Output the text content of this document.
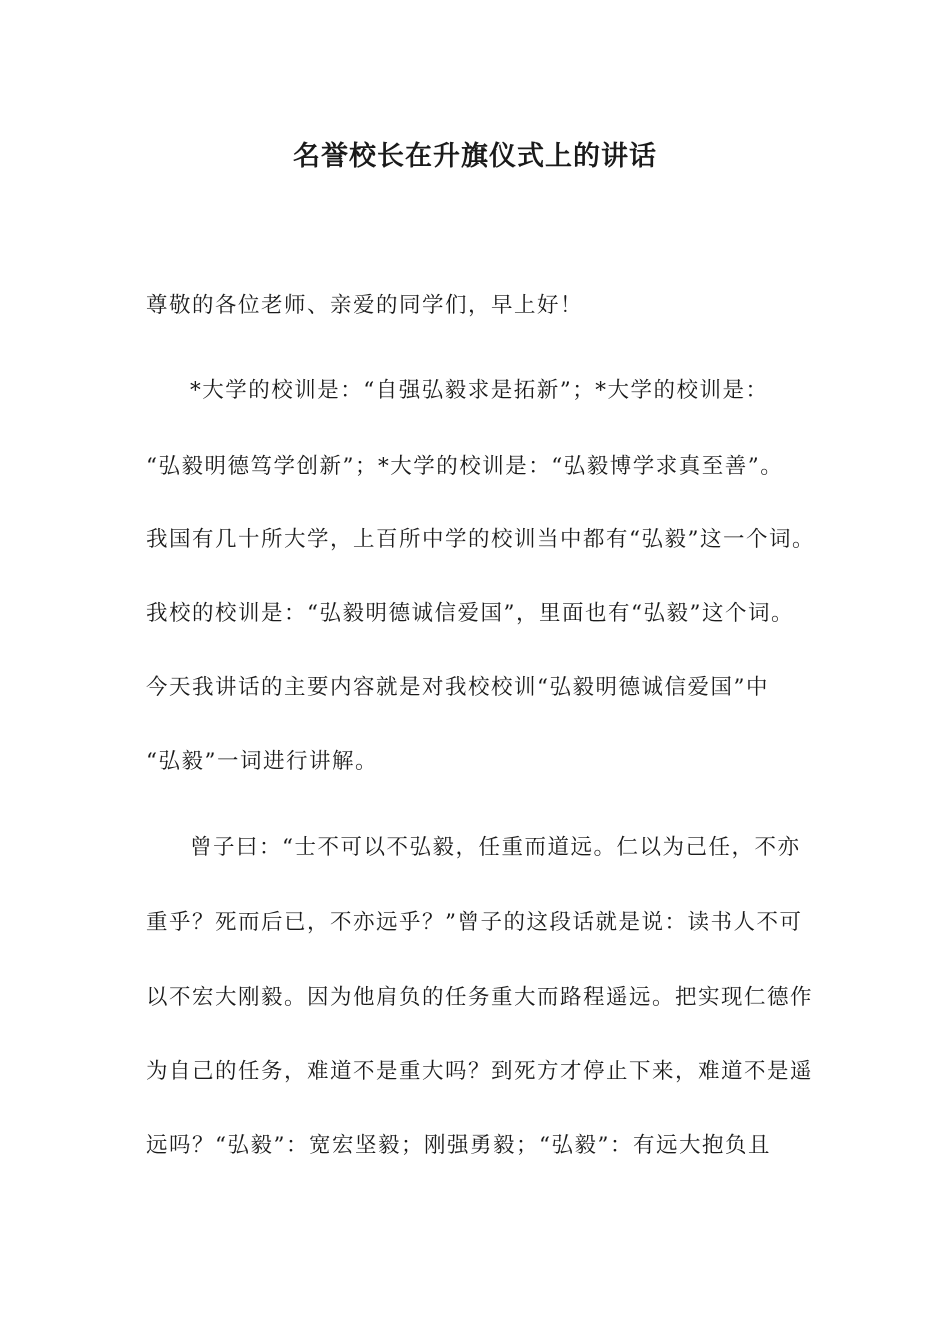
名誉校长在升旗仪式上的讲话
尊敬的各位老师、亲爱的同学们，早上好！
*大学的校训是：“自强弘毅求是拓新”；*大学的校训是：
“弘毅明德笃学创新”；*大学的校训是：“弘毅博学求真至善”。
我国有几十所大学，上百所中学的校训当中都有“弘毅”这一个词。
我校的校训是：“弘毅明德诚信爱国”，里面也有“弘毅”这个词。
今天我讲话的主要内容就是对我校校训“弘毅明德诚信爱国”中
“弘毅”一词进行讲解。
曾子曰：“士不可以不弘毅，任重而道远。仁以为己任，不亦
重乎？死而后已，不亦远乎？”曾子的这段话就是说：读书人不可
以不宏大刚毅。因为他肩负的任务重大而路程遥远。把实现仁德作
为自己的任务，难道不是重大吗？到死方才停止下来，难道不是遥
远吗？“弘毅”：宽宏坚毅；刚强勇毅；“弘毅”：有远大抱负且
